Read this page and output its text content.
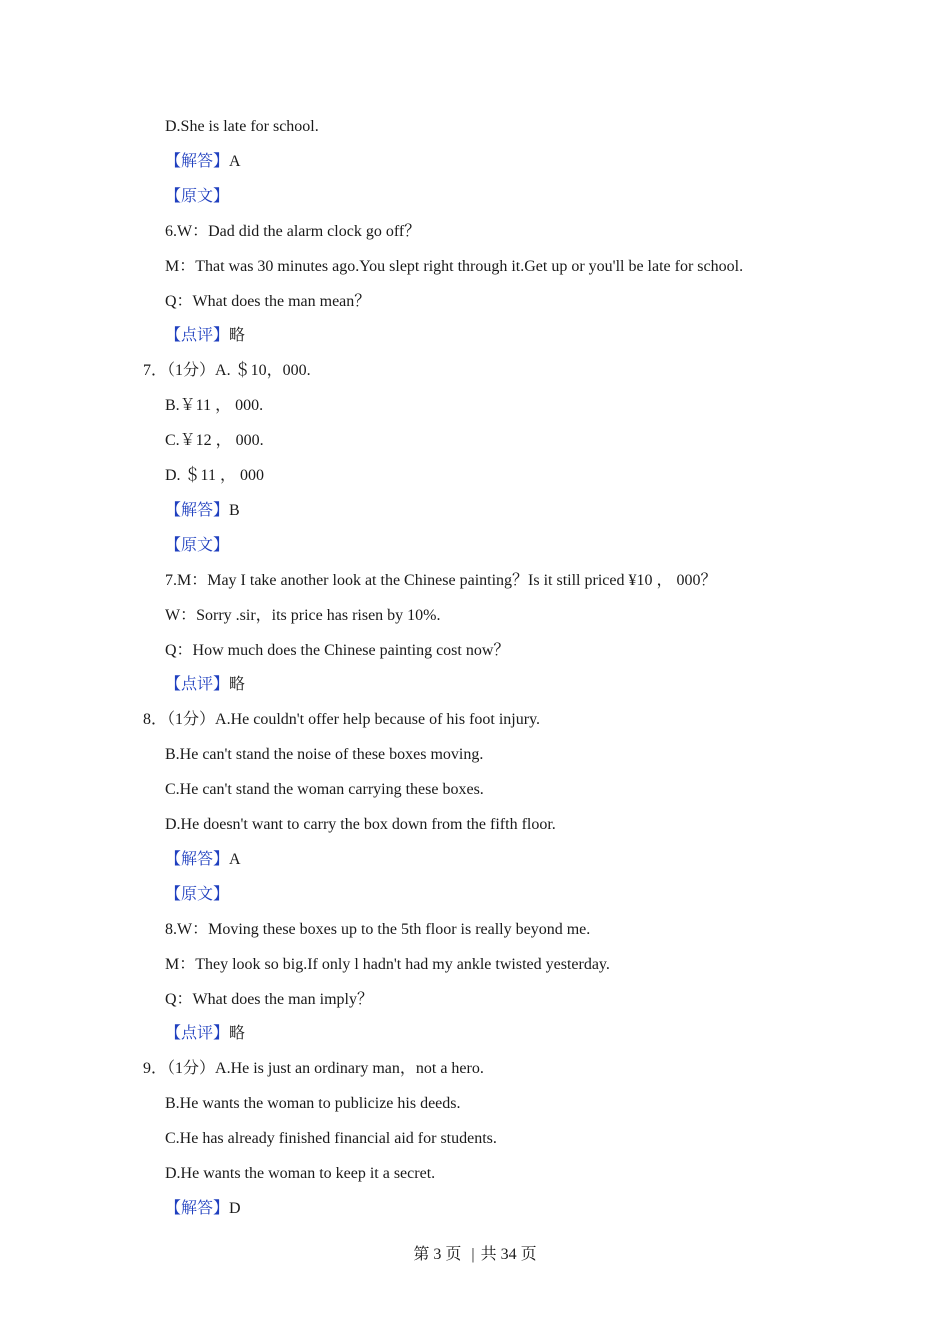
D.She is late for school.
【解答】A
【原文】
6.W：Dad did the alarm clock go off？
M：That was 30 minutes ago.You slept right through it.Get up or you'll be late for school.
Q：What does the man mean？
【点评】略
7．（1分）A. ＄10，000.
B.￥11 ， 000.
C.￥12 ， 000.
D. ＄11 ， 000
【解答】B
【原文】
7.M：May I take another look at the Chinese painting？Is it still priced ¥10 ， 000？
W：Sorry .sir，its price has risen by 10%.
Q：How much does the Chinese painting cost now？
【点评】略
8．（1分）A.He couldn't offer help because of his foot injury.
B.He can't stand the noise of these boxes moving.
C.He can't stand the woman carrying these boxes.
D.He doesn't want to carry the box down from the fifth floor.
【解答】A
【原文】
8.W：Moving these boxes up to the 5th floor is really beyond me.
M：They look so big.If only l hadn't had my ankle twisted yesterday.
Q：What does the man imply？
【点评】略
9．（1分）A.He is just an ordinary man，not a hero.
B.He wants the woman to publicize his deeds.
C.He has already finished financial aid for students.
D.He wants the woman to keep it a secret.
【解答】D
第 3 页 | 共 34 页
